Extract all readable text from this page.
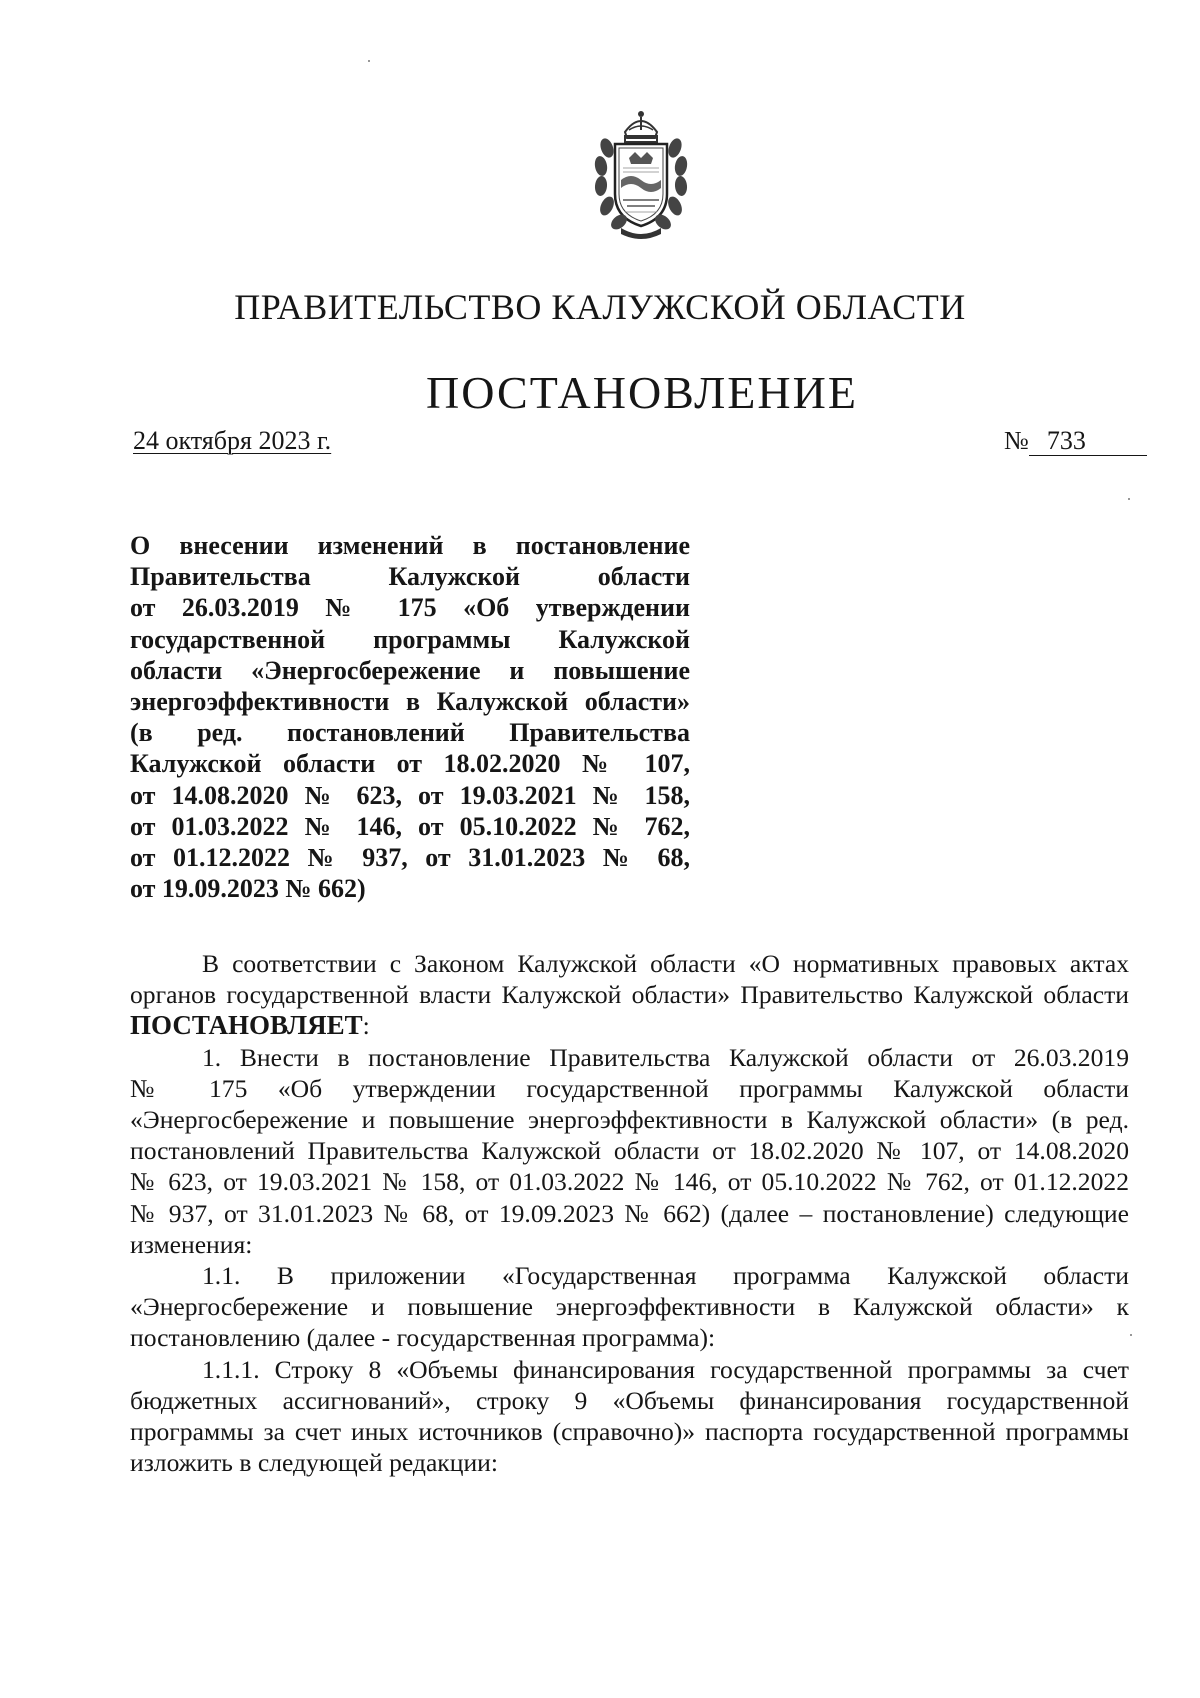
ПРАВИТЕЛЬСТВО КАЛУЖСКОЙ ОБЛАСТИ
ПОСТАНОВЛЕНИЕ
24 октября 2023 г.	№ 733
О внесении изменений в постановление
Правительства Калужской области
от 26.03.2019 № 175 «Об утверждении
государственной программы Калужской
области «Энергосбережение и повышение
энергоэффективности в Калужской области»
(в ред. постановлений Правительства
Калужской области от 18.02.2020 № 107,
от 14.08.2020 № 623, от 19.03.2021 № 158,
от 01.03.2022 № 146, от 05.10.2022 № 762,
от 01.12.2022 № 937, от 31.01.2023 № 68,
от 19.09.2023 № 662)
В соответствии с Законом Калужской области «О нормативных правовых актах
органов государственной власти Калужской области» Правительство Калужской области
ПОСТАНОВЛЯЕТ:
1. Внести в постановление Правительства Калужской области от 26.03.2019
№ 175 «Об утверждении государственной программы Калужской области
«Энергосбережение и повышение энергоэффективности в Калужской области» (в ред.
постановлений Правительства Калужской области от 18.02.2020 № 107, от 14.08.2020
№ 623, от 19.03.2021 № 158, от 01.03.2022 № 146, от 05.10.2022 № 762, от 01.12.2022
№ 937, от 31.01.2023 № 68, от 19.09.2023 № 662) (далее – постановление) следующие
изменения:
1.1. В приложении «Государственная программа Калужской области
«Энергосбережение и повышение энергоэффективности в Калужской области» к
постановлению (далее - государственная программа):
1.1.1. Строку 8 «Объемы финансирования государственной программы за счет
бюджетных ассигнований», строку 9 «Объемы финансирования государственной
программы за счет иных источников (справочно)» паспорта государственной программы
изложить в следующей редакции:
